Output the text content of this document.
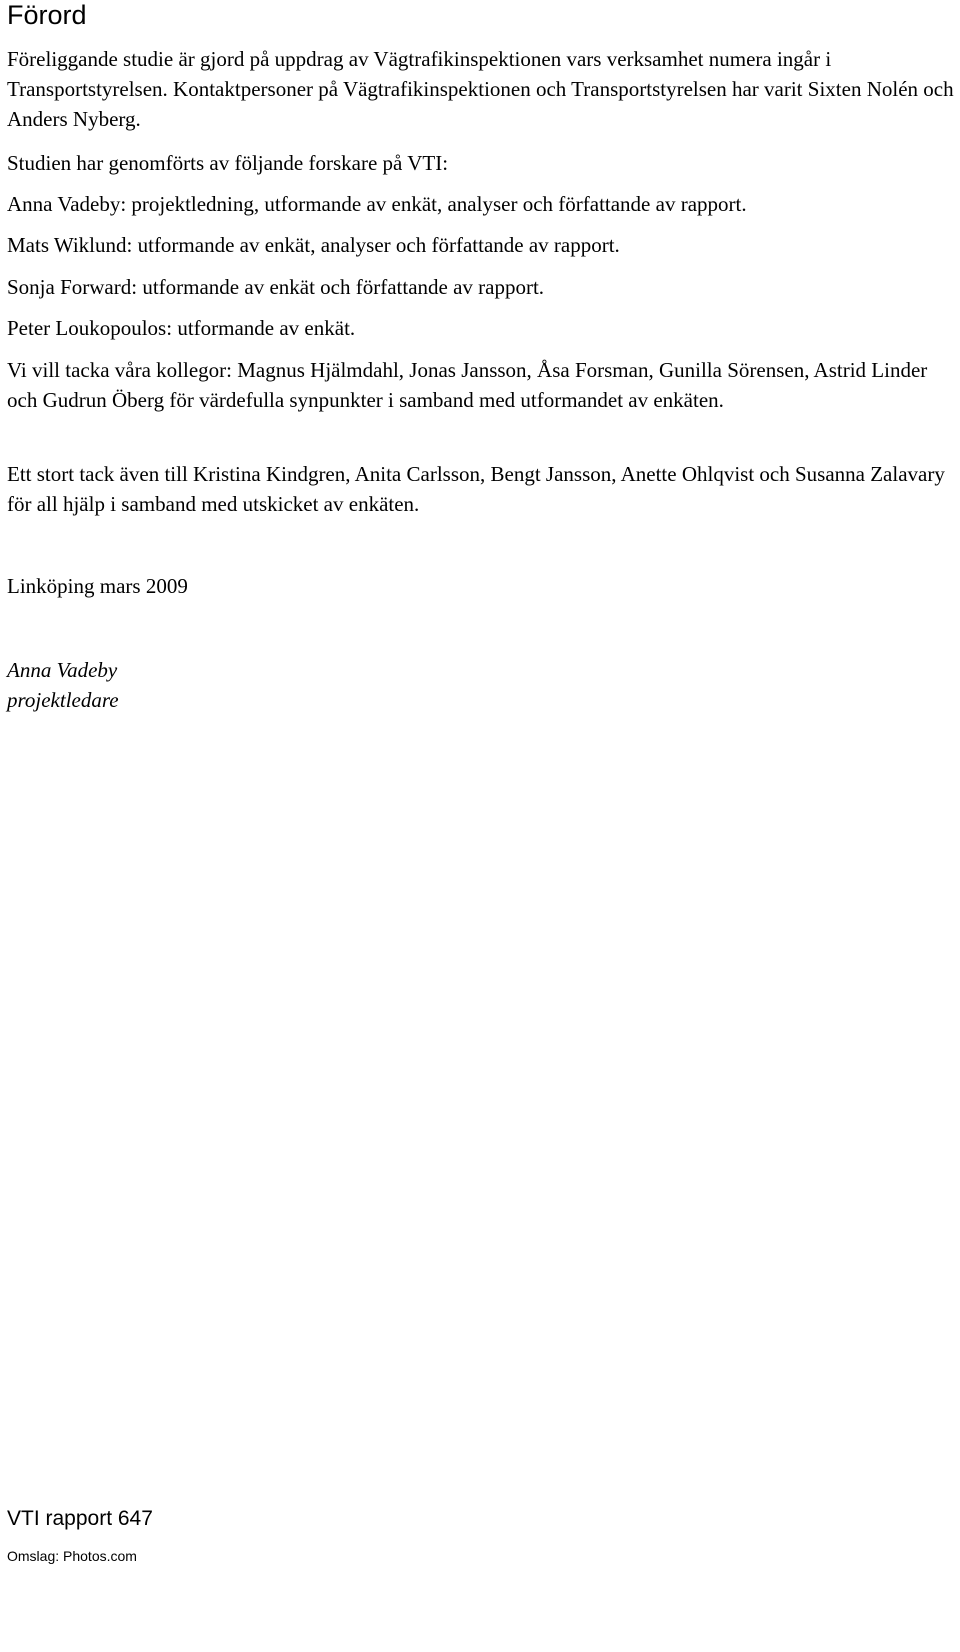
Förord

Föreliggande studie är gjord på uppdrag av Vägtrafikinspektionen vars verksamhet numera ingår i Transportstyrelsen. Kontaktpersoner på Vägtrafikinspektionen och Transportstyrelsen har varit Sixten Nolén och Anders Nyberg.

Studien har genomförts av följande forskare på VTI:

Anna Vadeby: projektledning, utformande av enkät, analyser och författande av rapport.

Mats Wiklund: utformande av enkät, analyser och författande av rapport.

Sonja Forward: utformande av enkät och författande av rapport.

Peter Loukopoulos: utformande av enkät.

Vi vill tacka våra kollegor: Magnus Hjälmdahl, Jonas Jansson, Åsa Forsman, Gunilla Sörensen, Astrid Linder och Gudrun Öberg för värdefulla synpunkter i samband med utformandet av enkäten.

Ett stort tack även till Kristina Kindgren, Anita Carlsson, Bengt Jansson, Anette Ohlqvist och Susanna Zalavary för all hjälp i samband med utskicket av enkäten.

Linköping mars 2009

Anna Vadeby
projektledare
VTI rapport 647
Omslag: Photos.com
